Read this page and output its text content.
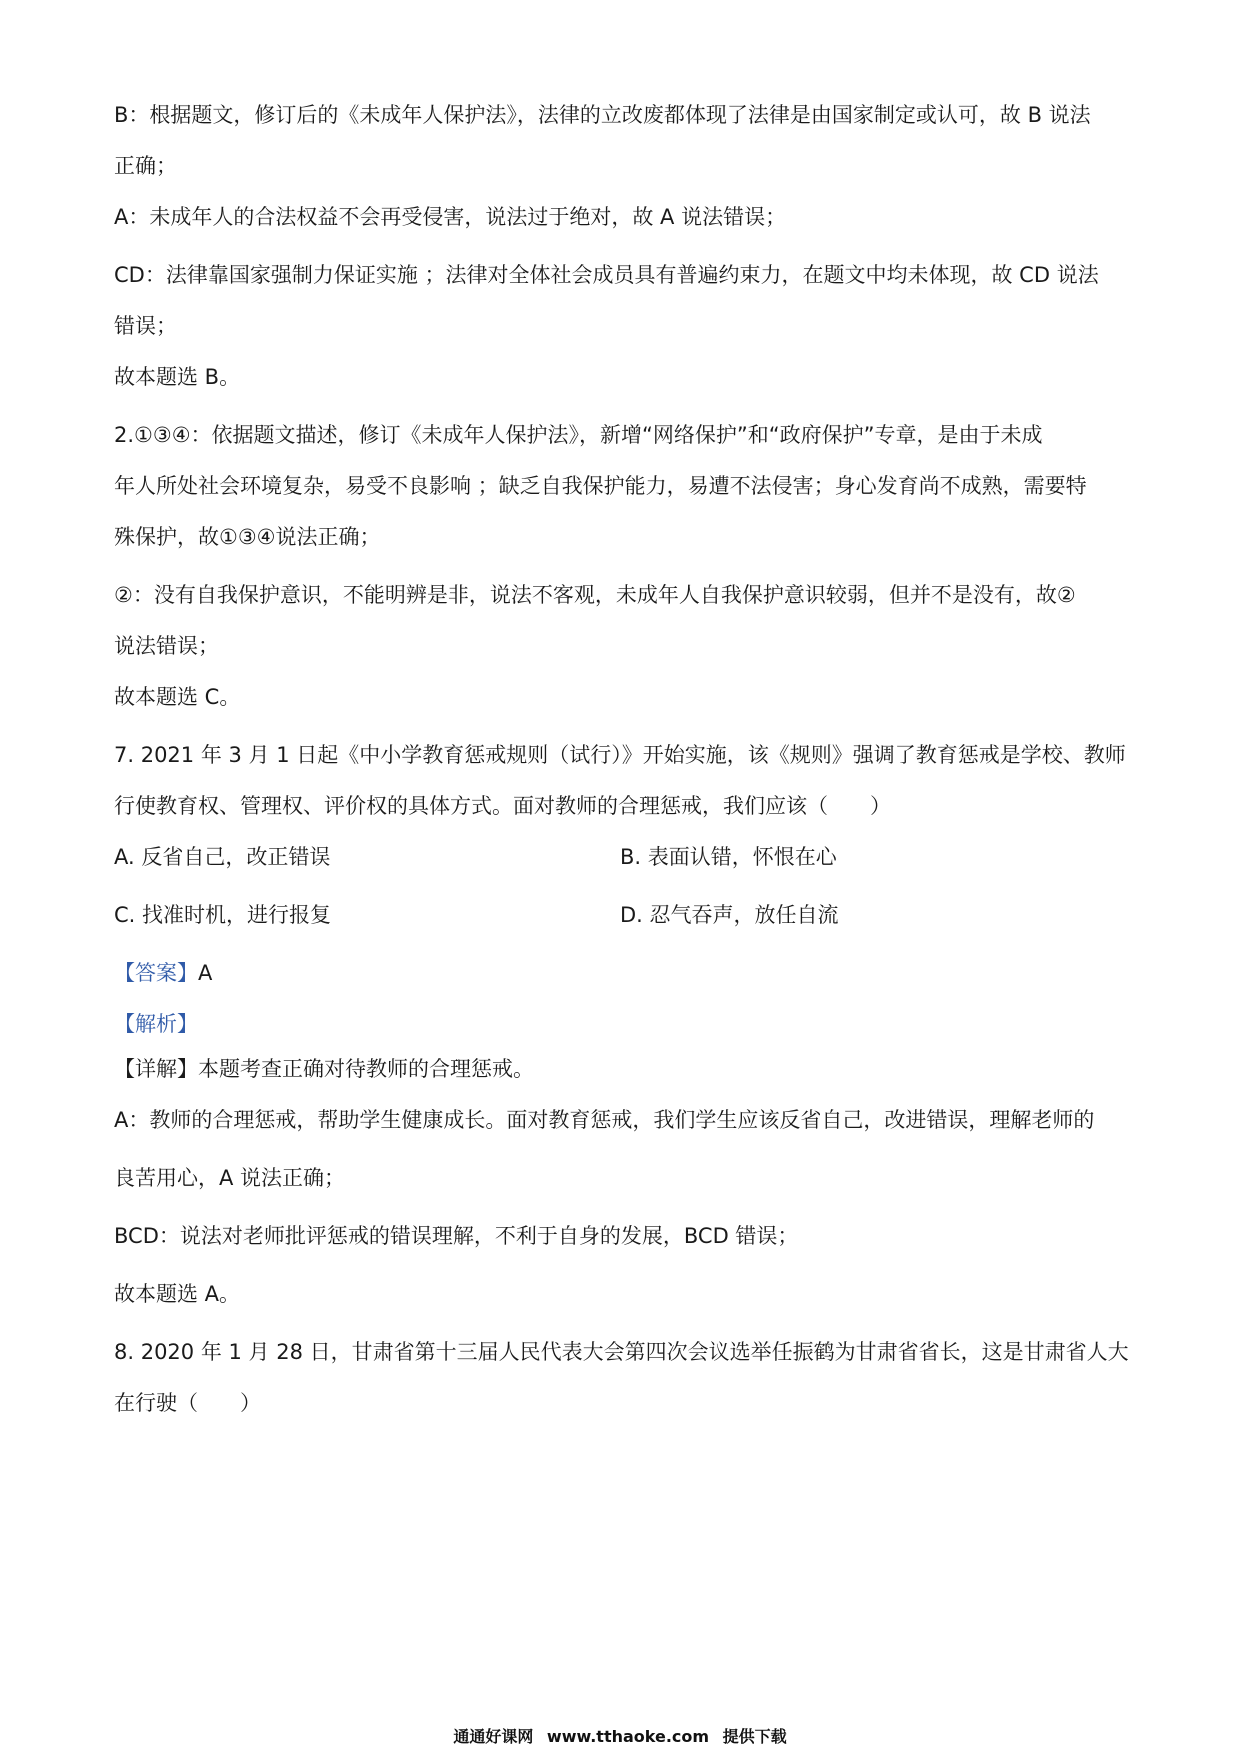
B：根据题文，修订后的《未成年人保护法》，法律的立改废都体现了法律是由国家制定或认可，故 B 说法
正确；
A：未成年人的合法权益不会再受侵害，说法过于绝对，故 A 说法错误；
CD：法律靠国家强制力保证实施 ；法律对全体社会成员具有普遍约束力，在题文中均未体现，故 CD 说法
错误；
故本题选 B。
2.①③④：依据题文描述，修订《未成年人保护法》，新增“网络保护”和“政府保护”专章，是由于未成
年人所处社会环境复杂，易受不良影响 ；缺乏自我保护能力，易遭不法侵害；身心发育尚不成熟，需要特
殊保护，故①③④说法正确；
②：没有自我保护意识，不能明辨是非，说法不客观，未成年人自我保护意识较弱，但并不是没有，故②
说法错误；
故本题选 C。
7. 2021 年 3 月 1 日起《中小学教育惩戒规则（试行）》开始实施，该《规则》强调了教育惩戒是学校、教师
行使教育权、管理权、评价权的具体方式。面对教师的合理惩戒，我们应该（　　）
A. 反省自己，改正错误	B. 表面认错，怀恨在心
C. 找准时机，进行报复	D. 忍气吞声，放任自流
【答案】A
【解析】
【详解】本题考查正确对待教师的合理惩戒。
A：教师的合理惩戒，帮助学生健康成长。面对教育惩戒，我们学生应该反省自己，改进错误，理解老师的
良苦用心，A 说法正确；
BCD：说法对老师批评惩戒的错误理解，不利于自身的发展，BCD 错误；
故本题选 A。
8. 2020 年 1 月 28 日，甘肃省第十三届人民代表大会第四次会议选举任振鹤为甘肃省省长，这是甘肃省人大
在行驶（　　）
通通好课网 www.tthaoke.com 提供下载
